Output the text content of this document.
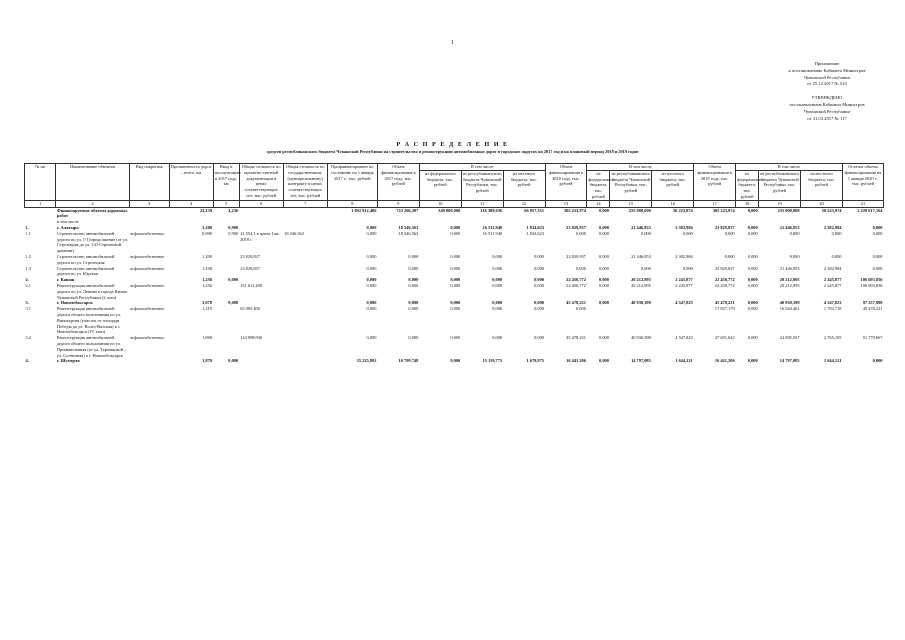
1
Приложение
к постановлению Кабинета Министров
Чувашской Республики
от 25.12.2017 № 523
УТВЕРЖДЕНО
постановлением Кабинета Министров
Чувашской Республики
от 31.03.2017 № 117
Р А С П Р Е Д Е Л Е Н И Е
средств республиканского бюджета Чувашской Республики на строительство и реконструкцию автомобильных дорог в городских округах на 2017 год и на плановый период 2018 и 2019 годов
№ пп	Наименование объектов	Вид покрытия	Протяженность дорог – всего, км	Ввод в эксплуатацию в 2017 году, км	Общая стоимость по проектно-сметной документации в ценах соответствующих лет, тыс. рублей	Общая стоимость по государственному (муниципальному) контракту в ценах соответствующих лет, тыс. рублей	Профинансировано по состоянию на 1 января 2017 г., тыс. рублей	Объем финансирования в 2017 году, тыс. рублей	В том числе			Объем финансирования в 2018 году, тыс. рублей	В том числе			Объем финансирования в 2019 году, тыс. рублей	В том числе			Остаток объема финансирования на 1 января 2020 г., тыс. рублей
									из федерального бюджета, тыс. рублей	из республиканского бюджета Чувашской Республики, тыс. рублей	из местного бюджета, тыс. рублей		из федерального бюджета, тыс. рублей	из республиканского бюджета Чувашской Республики, тыс. рублей	из местного бюджета, тыс. рублей		из федерального бюджета, тыс. рублей	из республиканского бюджета Чувашской Республики, тыс. рублей	из местного бюджета, тыс. рублей	
1	2	3	4	5	6	7	8	9	10	11	12	13	14	15	16	17	18	19	20	21
	Финансируемые объемы дорожных работ		23,139	4,236			1 092 912,406	723 266,387	349 000,000	316 389,036	66 857,351	305 223,974	0,000	255 000,000	50 223,974	305 223,974	0,000	255 000,000	50 223,974	2 229 617,164
	в том числе																			
1.	г. Алатырь		3,200	0,900			0,000	18 346,563	0,000	16 511,940	1 834,623	23 829,837	0,000	21 446,853	2 382,984	23 829,837	0,000	21 446,853	2 382,984	0,000
1.1	Строительство автомобильной дороги по ул. [?] (продолжение) от ул. Стрелецкая до ул. 141 Стрелковой дивизии)	асфальтобетонное	0,990	0,900	21 554,1 в ценах I кв. 2018 г.	18 346,563	0,000	18 346,563	0,000	16 511 940	1 834,623	0,000	0,000	0,000	0,000	0,000	0,000	0,000	0,000	0,000
1.2	Строительство автомобильной дороги по ул. Стрелецкая	асфальтобетонное	1,200		23 829,837		0,000	0,000	0,000	0,000	0,000	23 829,837	0,000	21 446,853	2 382,984	0,000	0,000	0,000	0,000	0,000
1.3	Строительство автомобильной дороги по ул. Юрская	асфальтобетонное	1,100		23 829,837		0,000	0,000	0,000	0,000	0,000	0,000	0,000	0,000	0,000	23 829,837	0,000	21 446,853	2 382,984	0,000
2.	г. Канаш		1,256	0,000			0,000	0,000	0,000	0,000	0,000	22 456,772	0,000	20 212,895	2 245,877	22 458,772	0,000	20 212,895	2 245,877	106 693,856
2.1	Реконструкция автомобильной дороги по ул. Ленина в городе Канаш Чувашской Республики (2 этап)	асфальтобетонное	1,256		151 611,400		0,000	0,000	0,000	0,000	0,000	22 456,772	0,000	20 212,895	2 245,877	22 458,772	0,000	20 212,895	2 245,877	106 693,856
3.	г. Новочебоксарск		3,078	0,000			0,000	0,000	0,000	0,000	0,000	45 478,221	0,000	40 930,398	4 547,823	45 478,221	0,000	40 930,398	4 547,823	97 257,888
3.1	Реконструкция автомобильной дороги общего пользования по ул. Винокурова (участок от площади Победы до ул. Волго-Вятская) в г. Новочебоксарск (IV этап)	асфальтобетонное	1,210		63 905,400		0,000	0,000	0,000	0,000	0,000	0,000				17 827,179	0,000	16 044,461	1 782,718	45 478,221
3.2	Реконструкция автомобильной дороги общего пользования по ул. Промышленная (от ул. Терешковой – ул. Солнечная) в г. Новочебоксарск	асфальтобетонное	1,868		124 908,930		0,000	0,000	0,000	0,000	0,000	45 478,221	0,000	40 930,398	4 547,823	27 651,042	0,000	24 885,937	2 765,105	51 779,667
4.	г. Шумерля		1,879	0,000			35 225,892	16 799,748	0,000	15 119,773	1 679,975	16 441,206	0,000	14 797,085	1 644,121	16 441,206	0,000	14 797,085	1 644,121	0,000
